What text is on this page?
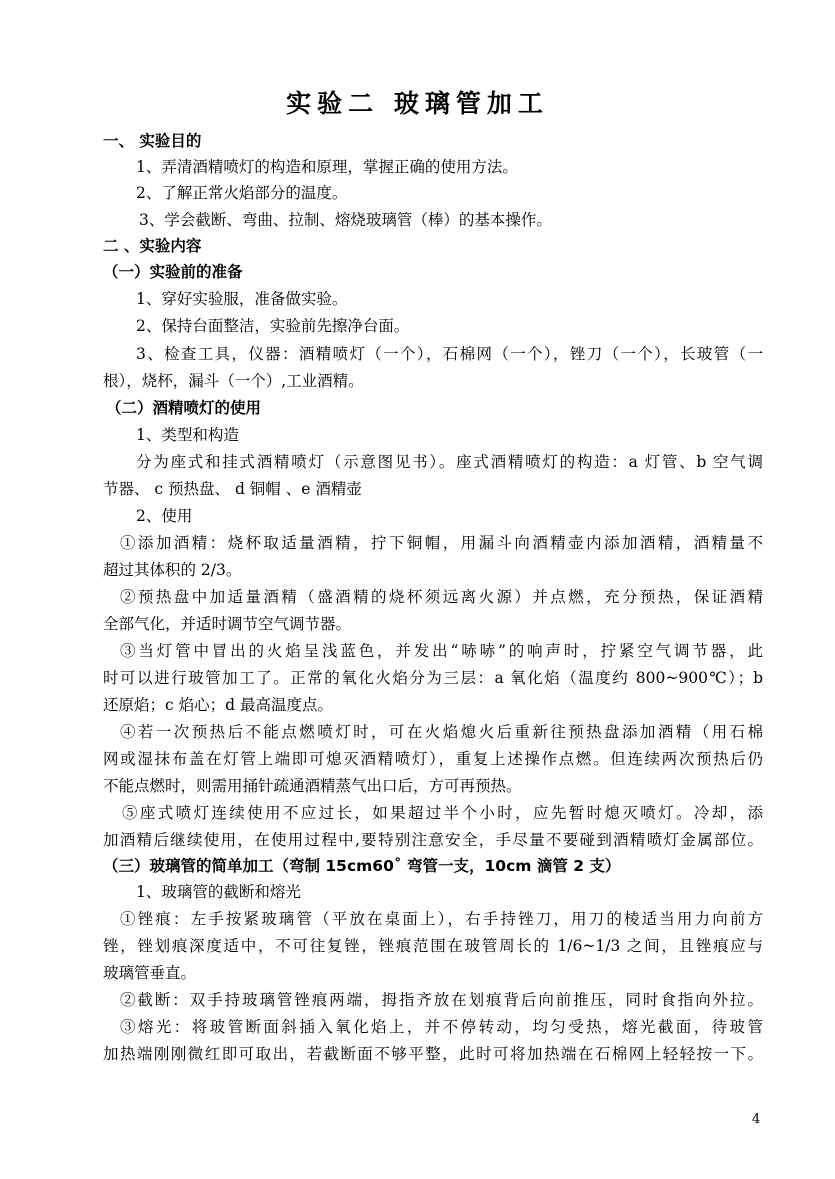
实验二 玻璃管加工
一、 实验目的
1、弄清酒精喷灯的构造和原理，掌握正确的使用方法。
2、了解正常火焰部分的温度。
3、学会截断、弯曲、拉制、熔烧玻璃管（棒）的基本操作。
二 、实验内容
（一）实验前的准备
1、穿好实验服，准备做实验。
2、保持台面整洁，实验前先擦净台面。
3、检查工具，仪器：酒精喷灯（一个），石棉网（一个），锉刀（一个），长玻管（一
根），烧杯，漏斗（一个）,工业酒精。
（二）酒精喷灯的使用
1、类型和构造
分为座式和挂式酒精喷灯（示意图见书）。座式酒精喷灯的构造：a 灯管、b 空气调
节器、 c 预热盘、 d 铜帽 、e 酒精壶
2、使用
①添加酒精：烧杯取适量酒精，拧下铜帽，用漏斗向酒精壶内添加酒精，酒精量不
超过其体积的 2/3。
②预热盘中加适量酒精（盛酒精的烧杯须远离火源）并点燃，充分预热，保证酒精
全部气化，并适时调节空气调节器。
③当灯管中冒出的火焰呈浅蓝色，并发出“哧哧”的响声时，拧紧空气调节器，此
时可以进行玻管加工了。正常的氧化火焰分为三层：a 氧化焰（温度约 800~900℃）；b
还原焰；c 焰心；d 最高温度点。
④若一次预热后不能点燃喷灯时，可在火焰熄火后重新往预热盘添加酒精（用石棉
网或湿抹布盖在灯管上端即可熄灭酒精喷灯），重复上述操作点燃。但连续两次预热后仍
不能点燃时，则需用捅针疏通酒精蒸气出口后，方可再预热。
⑤座式喷灯连续使用不应过长，如果超过半个小时，应先暂时熄灭喷灯。冷却，添
加酒精后继续使用，在使用过程中,要特别注意安全，手尽量不要碰到酒精喷灯金属部位。
（三）玻璃管的简单加工（弯制 15cm60˚ 弯管一支，10cm 滴管 2 支）
1、玻璃管的截断和熔光
①锉痕：左手按紧玻璃管（平放在桌面上），右手持锉刀，用刀的棱适当用力向前方
锉，锉划痕深度适中，不可往复锉，锉痕范围在玻管周长的 1/6~1/3 之间，且锉痕应与
玻璃管垂直。
②截断：双手持玻璃管锉痕两端，拇指齐放在划痕背后向前推压，同时食指向外拉。
③熔光：将玻管断面斜插入氧化焰上，并不停转动，均匀受热，熔光截面，待玻管
加热端刚刚微红即可取出，若截断面不够平整，此时可将加热端在石棉网上轻轻按一下。
4
